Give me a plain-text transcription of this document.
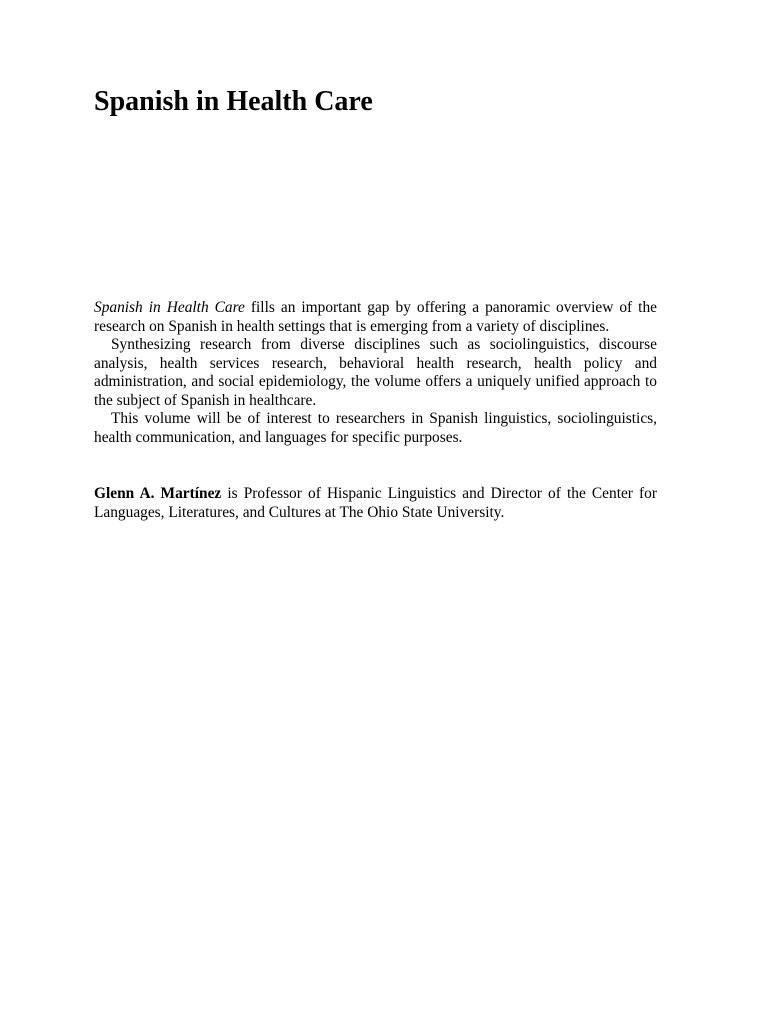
Spanish in Health Care

Spanish in Health Care fills an important gap by offering a panoramic overview of the research on Spanish in health settings that is emerging from a variety of disciplines.

Synthesizing research from diverse disciplines such as sociolinguistics, discourse analysis, health services research, behavioral health research, health policy and administration, and social epidemiology, the volume offers a uniquely unified approach to the subject of Spanish in healthcare.

This volume will be of interest to researchers in Spanish linguistics, sociolinguistics, health communication, and languages for specific purposes.

Glenn A. Martínez is Professor of Hispanic Linguistics and Director of the Center for Languages, Literatures, and Cultures at The Ohio State University.
